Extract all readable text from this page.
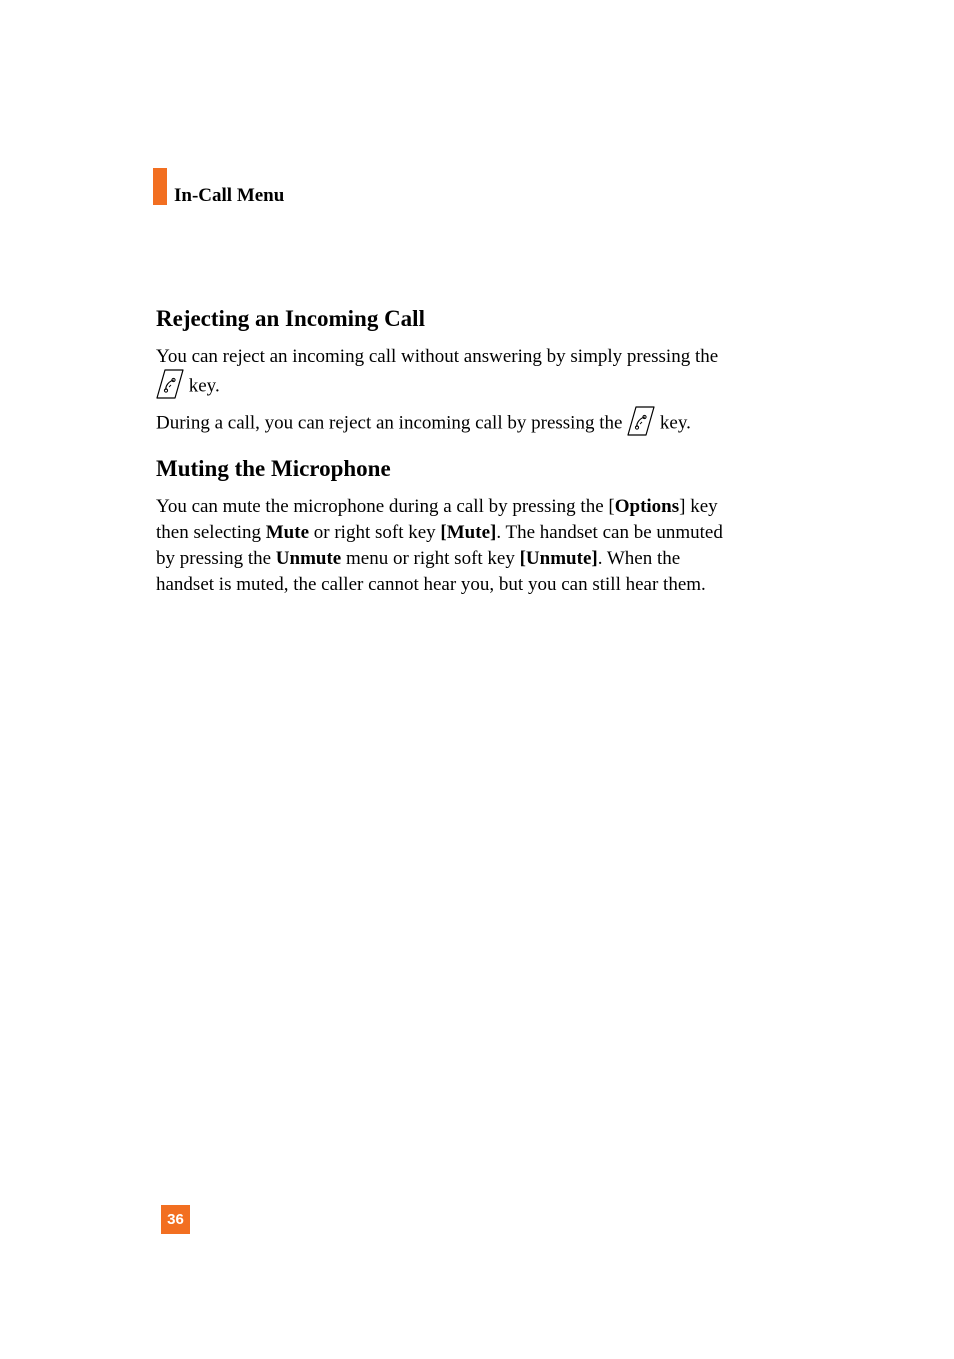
In-Call Menu
Rejecting an Incoming Call
You can reject an incoming call without answering by simply pressing the
key.
During a call, you can reject an incoming call by pressing the key.
Muting the Microphone
You can mute the microphone during a call by pressing the [Options] key
then selecting Mute or right soft key [Mute]. The handset can be unmuted
by pressing the Unmute menu or right soft key [Unmute]. When the
handset is muted, the caller cannot hear you, but you can still hear them.
36
